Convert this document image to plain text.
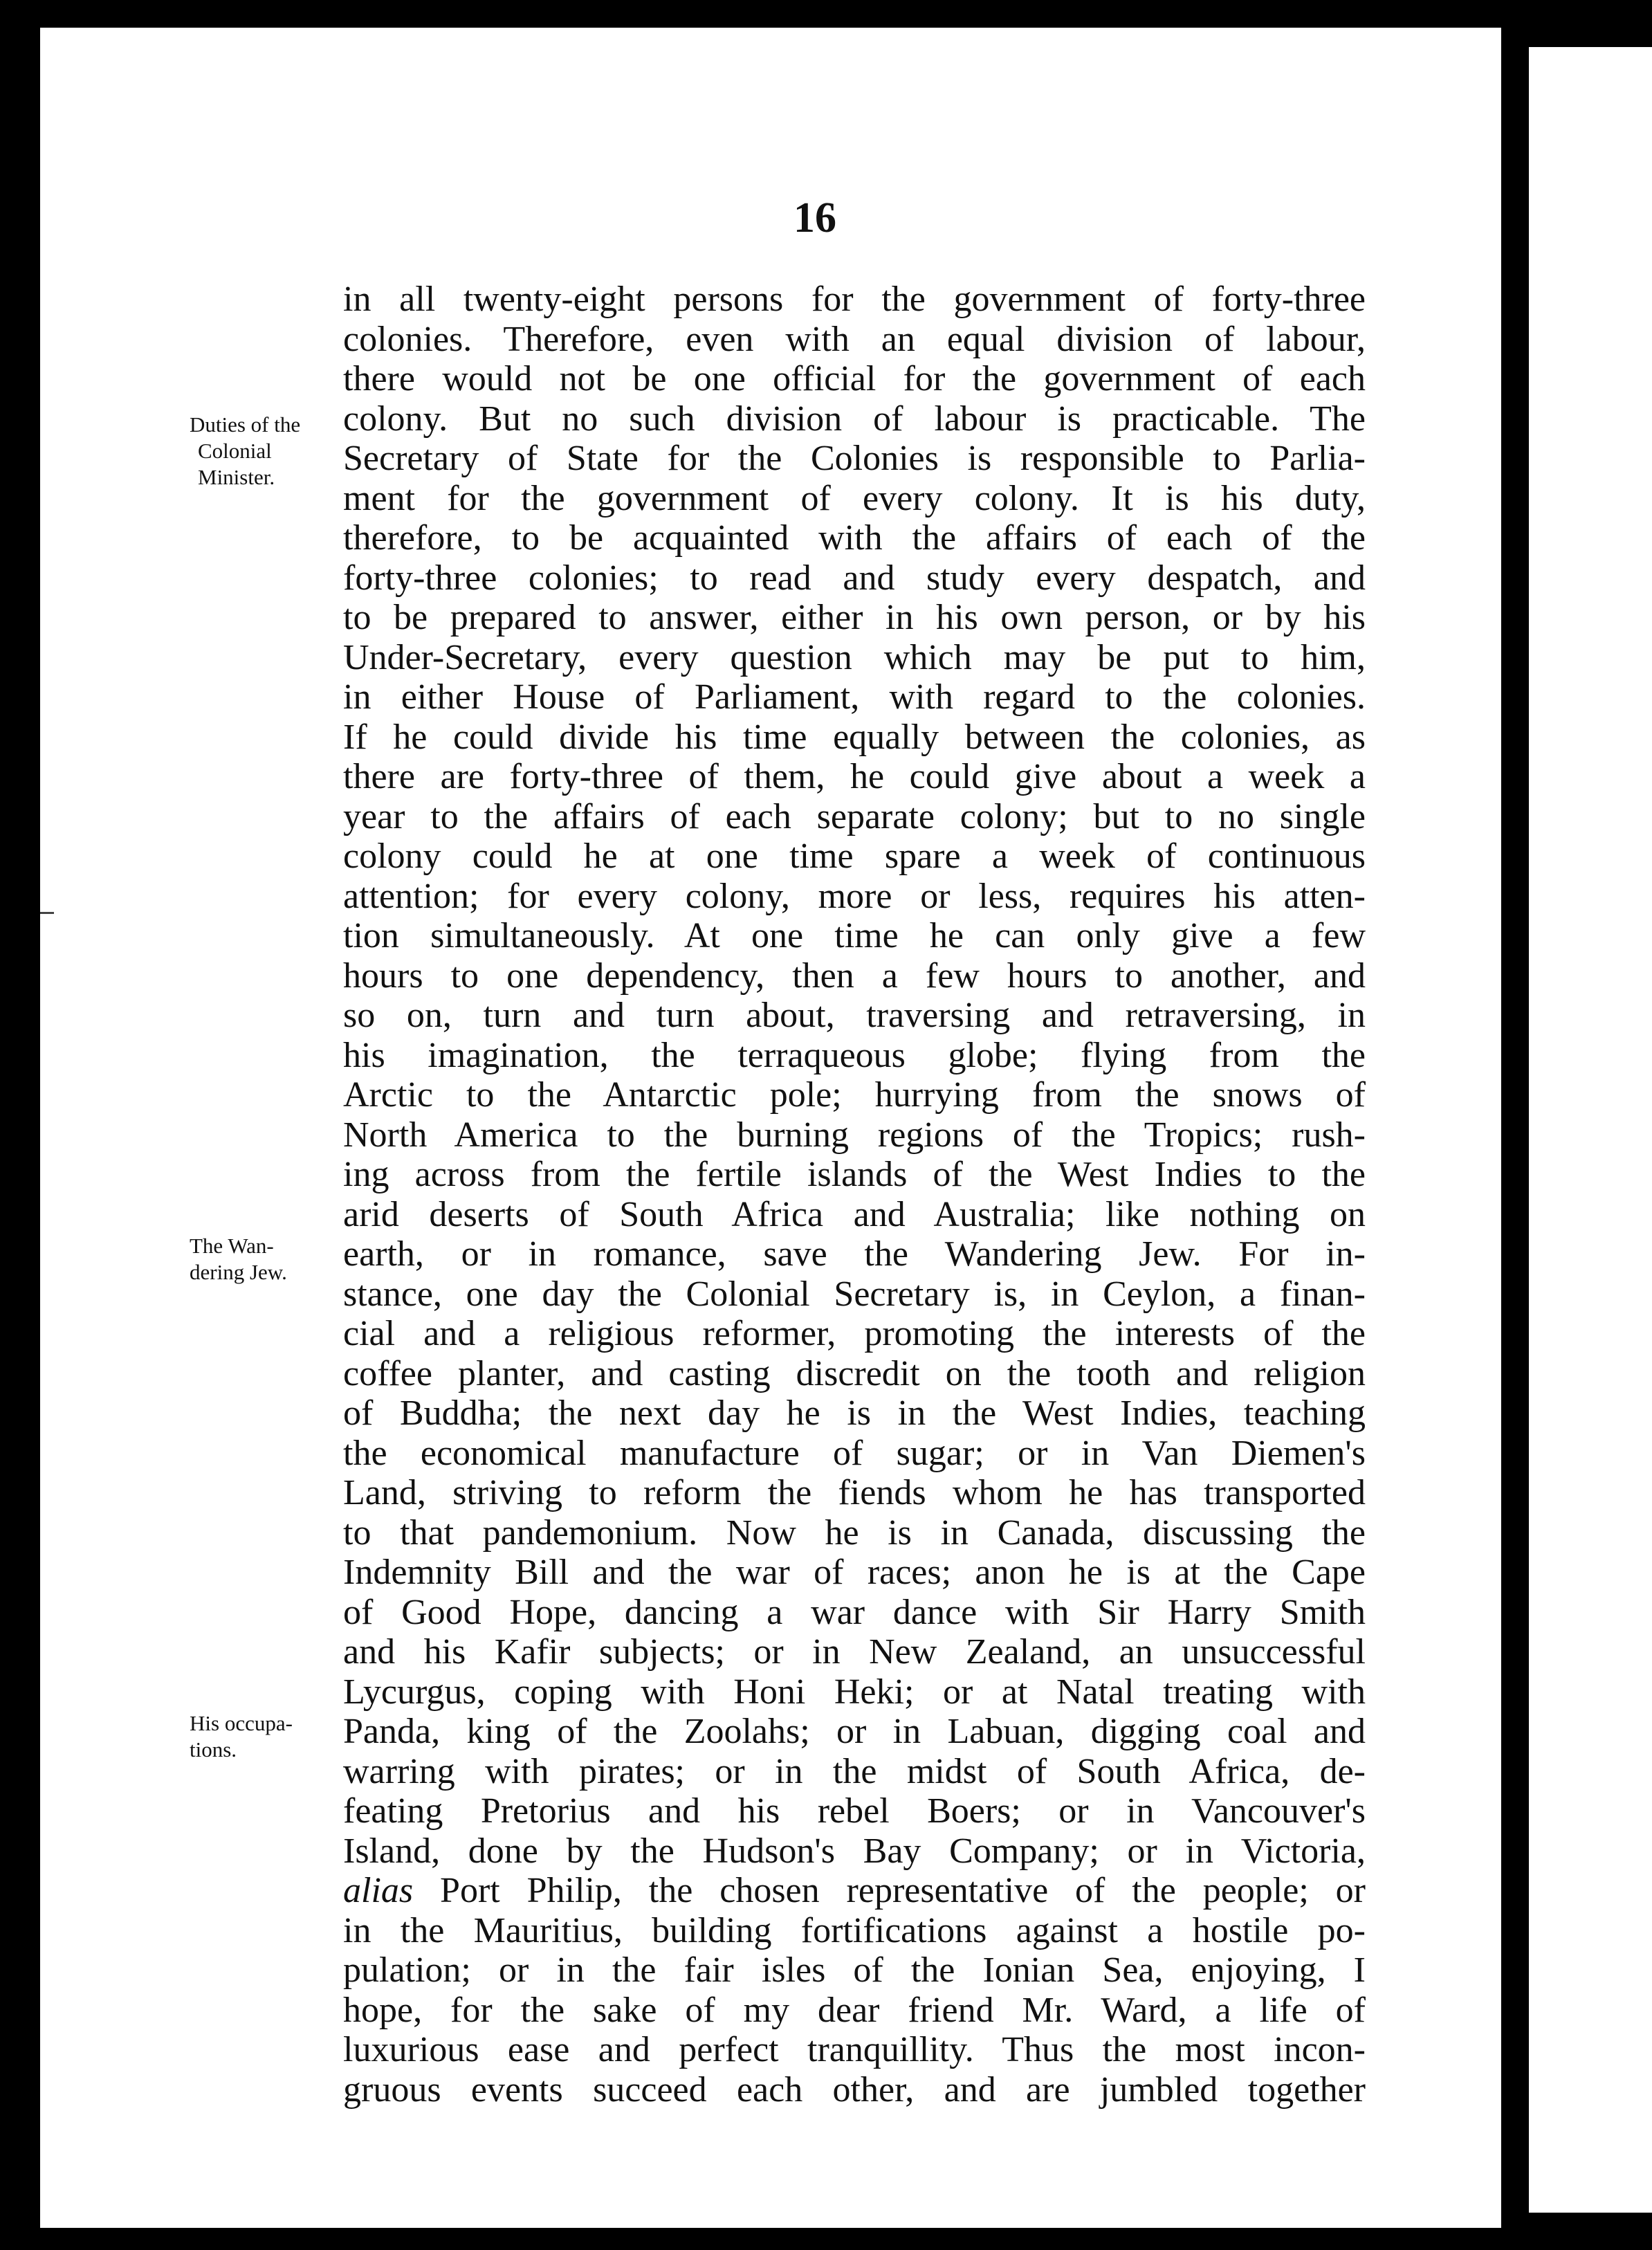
16
Duties of the
Colonial
Minister.
The Wan-
dering Jew.
His occupa-
tions.
in all twenty-eight persons for the government of forty-three
colonies. Therefore, even with an equal division of labour,
there would not be one official for the government of each
colony. But no such division of labour is practicable. The
Secretary of State for the Colonies is responsible to Parlia-
ment for the government of every colony. It is his duty,
therefore, to be acquainted with the affairs of each of the
forty-three colonies; to read and study every despatch, and
to be prepared to answer, either in his own person, or by his
Under-Secretary, every question which may be put to him,
in either House of Parliament, with regard to the colonies.
If he could divide his time equally between the colonies, as
there are forty-three of them, he could give about a week a
year to the affairs of each separate colony; but to no single
colony could he at one time spare a week of continuous
attention; for every colony, more or less, requires his atten-
tion simultaneously. At one time he can only give a few
hours to one dependency, then a few hours to another, and
so on, turn and turn about, traversing and retraversing, in
his imagination, the terraqueous globe; flying from the
Arctic to the Antarctic pole; hurrying from the snows of
North America to the burning regions of the Tropics; rush-
ing across from the fertile islands of the West Indies to the
arid deserts of South Africa and Australia; like nothing on
earth, or in romance, save the Wandering Jew. For in-
stance, one day the Colonial Secretary is, in Ceylon, a finan-
cial and a religious reformer, promoting the interests of the
coffee planter, and casting discredit on the tooth and religion
of Buddha; the next day he is in the West Indies, teaching
the economical manufacture of sugar; or in Van Diemen's
Land, striving to reform the fiends whom he has transported
to that pandemonium. Now he is in Canada, discussing the
Indemnity Bill and the war of races; anon he is at the Cape
of Good Hope, dancing a war dance with Sir Harry Smith
and his Kafir subjects; or in New Zealand, an unsuccessful
Lycurgus, coping with Honi Heki; or at Natal treating with
Panda, king of the Zoolahs; or in Labuan, digging coal and
warring with pirates; or in the midst of South Africa, de-
feating Pretorius and his rebel Boers; or in Vancouver's
Island, done by the Hudson's Bay Company; or in Victoria,
alias Port Philip, the chosen representative of the people; or
in the Mauritius, building fortifications against a hostile po-
pulation; or in the fair isles of the Ionian Sea, enjoying, I
hope, for the sake of my dear friend Mr. Ward, a life of
luxurious ease and perfect tranquillity. Thus the most incon-
gruous events succeed each other, and are jumbled together
